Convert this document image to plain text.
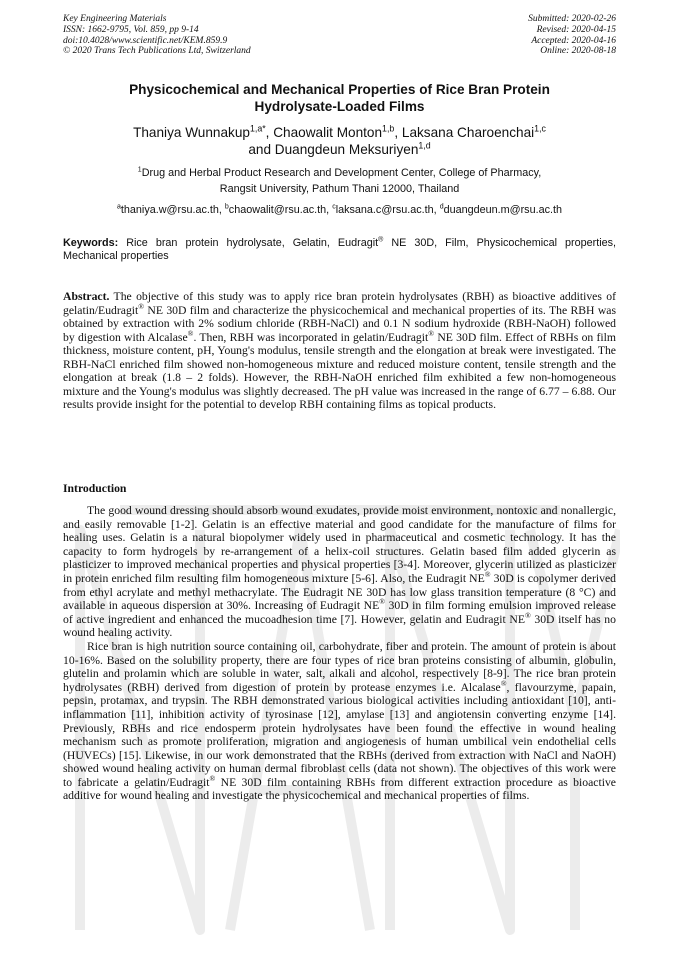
Key Engineering Materials
ISSN: 1662-9795, Vol. 859, pp 9-14
doi:10.4028/www.scientific.net/KEM.859.9
© 2020 Trans Tech Publications Ltd, Switzerland
Submitted: 2020-02-26
Revised: 2020-04-15
Accepted: 2020-04-16
Online: 2020-08-18
Physicochemical and Mechanical Properties of Rice Bran Protein
Hydrolysate-Loaded Films
Thaniya Wunnakup$^{1,a*}$, Chaowalit Monton$^{1,b}$, Laksana Charoenchai$^{1,c}$
and Duangdeun Meksuriyen$^{1,d}$
$^1$Drug and Herbal Product Research and Development Center, College of Pharmacy,
Rangsit University, Pathum Thani 12000, Thailand
$^a$thaniya.w@rsu.ac.th, $^b$chaowalit@rsu.ac.th, $^c$laksana.c@rsu.ac.th, $^d$duangdeun.m@rsu.ac.th
Keywords: Rice bran protein hydrolysate, Gelatin, Eudragit® NE 30D, Film, Physicochemical properties, Mechanical properties
Abstract. The objective of this study was to apply rice bran protein hydrolysates (RBH) as bioactive additives of gelatin/Eudragit® NE 30D film and characterize the physicochemical and mechanical properties of its. The RBH was obtained by extraction with 2% sodium chloride (RBH-NaCl) and 0.1 N sodium hydroxide (RBH-NaOH) followed by digestion with Alcalase®. Then, RBH was incorporated in gelatin/Eudragit® NE 30D film. Effect of RBHs on film thickness, moisture content, pH, Young's modulus, tensile strength and the elongation at break were investigated. The RBH-NaCl enriched film showed non-homogeneous mixture and reduced moisture content, tensile strength and the elongation at break (1.8 – 2 folds). However, the RBH-NaOH enriched film exhibited a few non-homogeneous mixture and the Young's modulus was slightly decreased. The pH value was increased in the range of 6.77 – 6.88. Our results provide insight for the potential to develop RBH containing films as topical products.
Introduction

The good wound dressing should absorb wound exudates, provide moist environment, nontoxic and nonallergic, and easily removable [1-2]. Gelatin is an effective material and good candidate for the manufacture of films for healing uses. Gelatin is a natural biopolymer widely used in pharmaceutical and cosmetic technology. It has the capacity to form hydrogels by re-arrangement of a helix-coil structures. Gelatin based film added glycerin as plasticizer to improved mechanical properties and physical properties [3-4]. Moreover, glycerin utilized as plasticizer in protein enriched film resulting film homogeneous mixture [5-6]. Also, the Eudragit NE® 30D is copolymer derived from ethyl acrylate and methyl methacrylate. The Eudragit NE 30D has low glass transition temperature (8 °C) and available in aqueous dispersion at 30%. Increasing of Eudragit NE® 30D in film forming emulsion improved release of active ingredient and enhanced the mucoadhesion time [7]. However, gelatin and Eudragit NE® 30D itself has no wound healing activity.

Rice bran is high nutrition source containing oil, carbohydrate, fiber and protein. The amount of protein is about 10-16%. Based on the solubility property, there are four types of rice bran proteins consisting of albumin, globulin, glutelin and prolamin which are soluble in water, salt, alkali and alcohol, respectively [8-9]. The rice bran protein hydrolysates (RBH) derived from digestion of protein by protease enzymes i.e. Alcalase®, flavourzyme, papain, pepsin, protamax, and trypsin. The RBH demonstrated various biological activities including antioxidant [10], anti-inflammation [11], inhibition activity of tyrosinase [12], amylase [13] and angiotensin converting enzyme [14]. Previously, RBHs and rice endosperm protein hydrolysates have been found the effective in wound healing mechanism such as promote proliferation, migration and angiogenesis of human umbilical vein endothelial cells (HUVECs) [15]. Likewise, in our work demonstrated that the RBHs (derived from extraction with NaCl and NaOH) showed wound healing activity on human dermal fibroblast cells (data not shown). The objectives of this work were to fabricate a gelatin/Eudragit® NE 30D film containing RBHs from different extraction procedure as bioactive additive for wound healing and investigate the physicochemical and mechanical properties of films.
